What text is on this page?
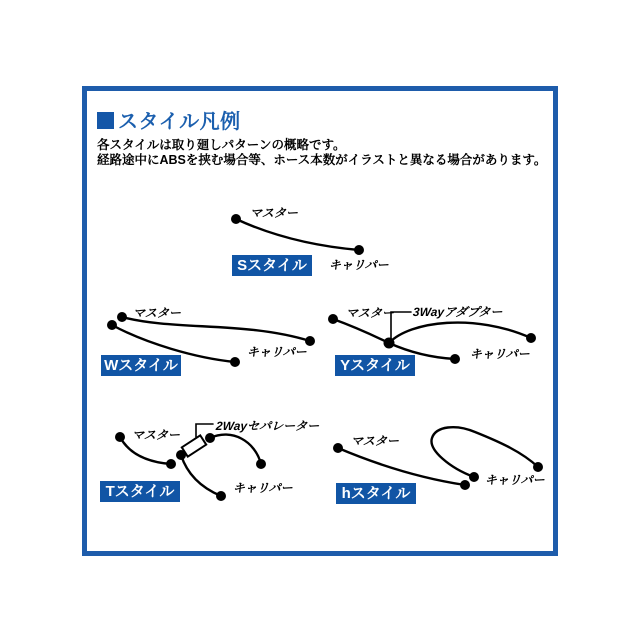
スタイル凡例
各スタイルは取り廻しパターンの概略です。
経路途中にABSを挟む場合等、ホース本数がイラストと異なる場合があります。
マスター
キャリパー
Sスタイル
マスター
キャリパー
Wスタイル
マスター 3Wayアダプター
キャリパー
Yスタイル
マスター
2Wayセパレーター
キャリパー
Tスタイル
マスター
キャリパー
hスタイル
